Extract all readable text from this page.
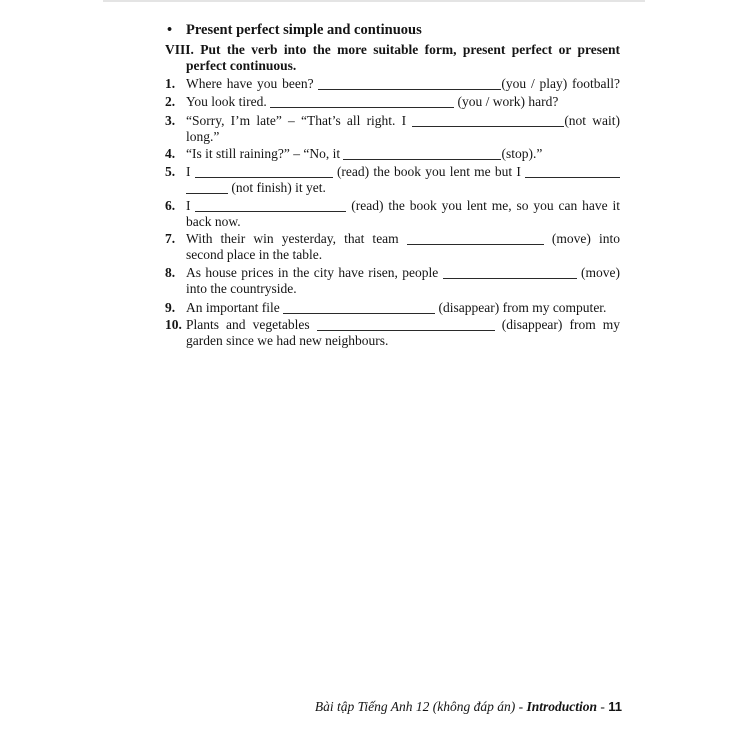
• Present perfect simple and continuous
VIII. Put the verb into the more suitable form, present perfect or present perfect continuous.
1. Where have you been?	(you / play) football?
2. You look tired.	(you / work) hard?
3. “Sorry, I’m late” – “That’s all right. I	(not wait)
long.”
4. “Is it still raining?” – “No, it	(stop).”
5. I	(read) the book you lent me but I
(not finish) it yet.
6. I	(read) the book you lent me, so you can have it
back now.
7. With their win yesterday, that team	(move) into
second place in the table.
8. As house prices in the city have risen, people	(move)
into the countryside.
9. An important file	(disappear) from my computer.
10. Plants and vegetables	(disappear) from my
garden since we had new neighbours.
Bài tập Tiếng Anh 12 (không đáp án) - Introduction - 11
